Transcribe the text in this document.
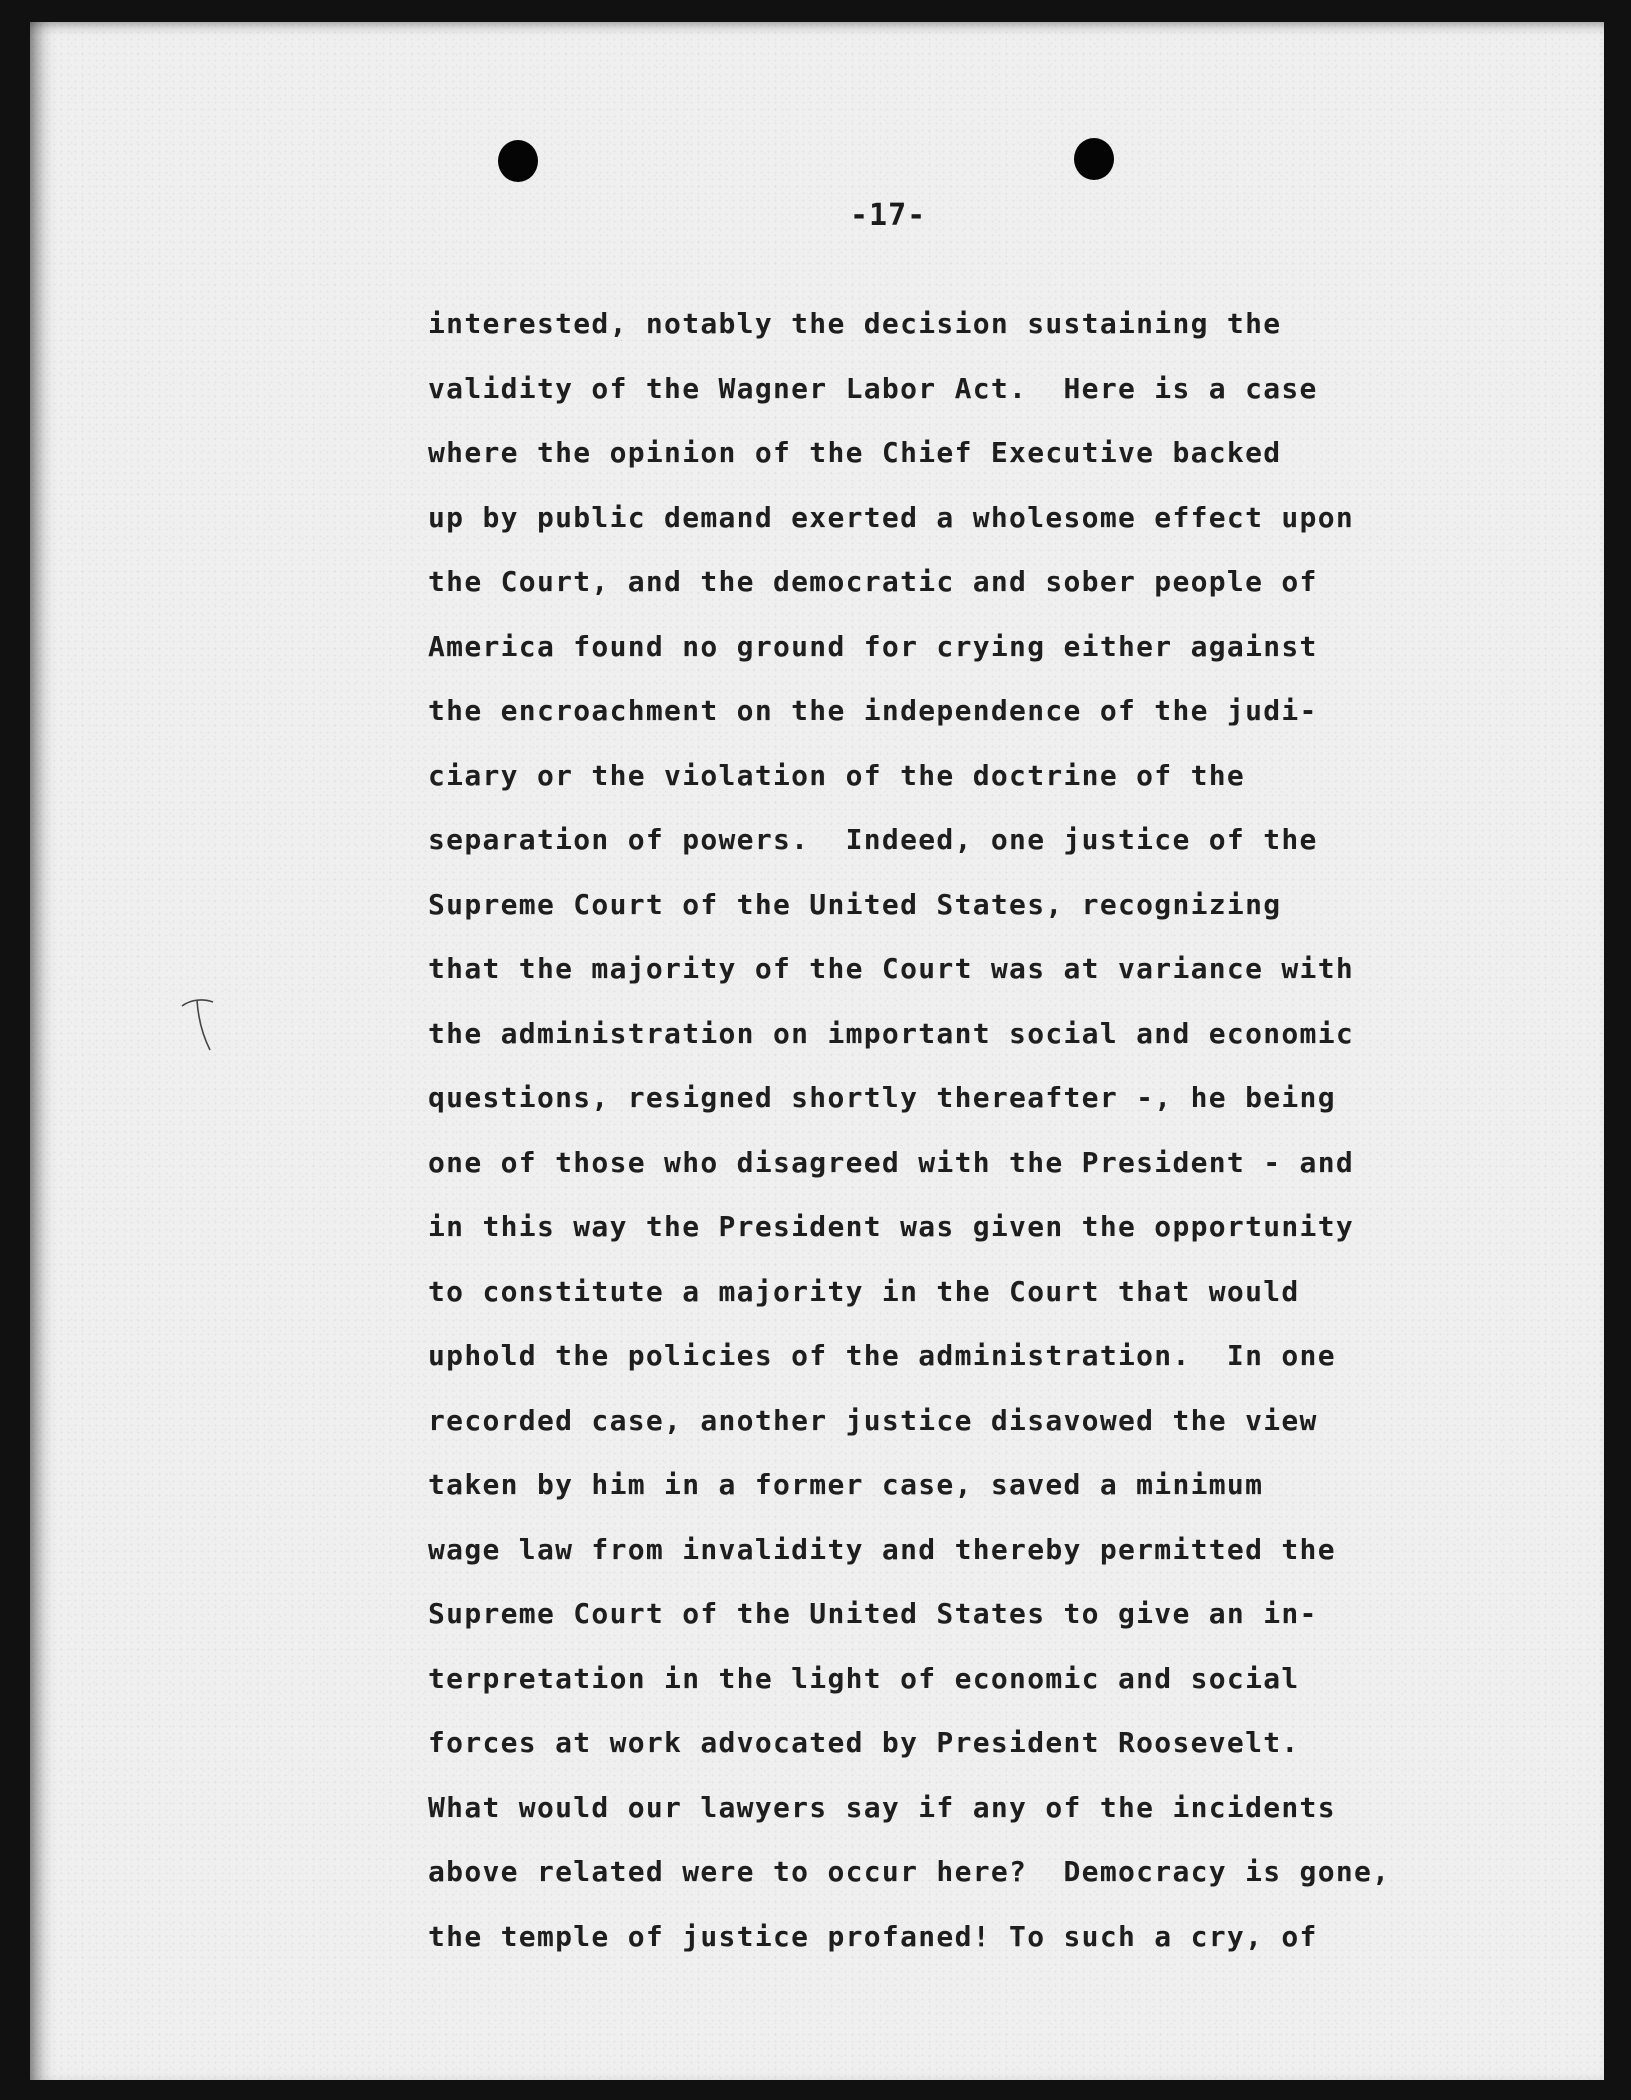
-17-
interested, notably the decision sustaining the
validity of the Wagner Labor Act.  Here is a case
where the opinion of the Chief Executive backed
up by public demand exerted a wholesome effect upon
the Court, and the democratic and sober people of
America found no ground for crying either against
the encroachment on the independence of the judi-
ciary or the violation of the doctrine of the
separation of powers.  Indeed, one justice of the
Supreme Court of the United States, recognizing
that the majority of the Court was at variance with
the administration on important social and economic
questions, resigned shortly thereafter -, he being
one of those who disagreed with the President - and
in this way the President was given the opportunity
to constitute a majority in the Court that would
uphold the policies of the administration.  In one
recorded case, another justice disavowed the view
taken by him in a former case, saved a minimum
wage law from invalidity and thereby permitted the
Supreme Court of the United States to give an in-
terpretation in the light of economic and social
forces at work advocated by President Roosevelt.
What would our lawyers say if any of the incidents
above related were to occur here?  Democracy is gone,
the temple of justice profaned! To such a cry, of
